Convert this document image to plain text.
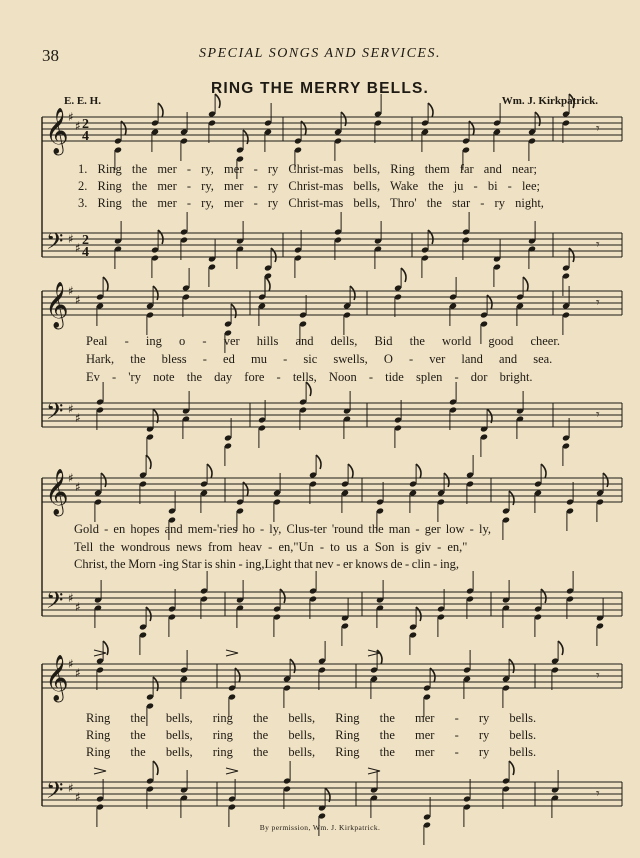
38	SPECIAL SONGS AND SERVICES.
RING THE MERRY BELLS.
E. E. H.	Wm. J. Kirkpatrick.
𝄞
𝄢
♯
♯
♯
♯
2
4
2
4
𝄾
𝄾
𝄞
𝄢
♯
♯
♯
♯
𝄾
𝄾
𝄞
𝄢
♯
♯
♯
♯
𝄞
𝄢
♯
♯
♯
♯
𝄾
𝄾
1. Ring the mer - ry, mer - ry Christ-mas bells, Ring them far and near;
2. Ring the mer - ry, mer - ry Christ-mas bells, Wake the ju - bi - lee;
3. Ring the mer - ry, mer - ry Christ-mas bells, Thro' the star - ry night,
Peal - ing o - ver hills and dells, Bid the world good cheer.
Hark, the bless - ed mu - sic swells, O - ver land and sea.
Ev - 'ry note the day fore - tells, Noon - tide splen - dor bright.
Gold - en hopes and mem-'ries ho - ly, Clus-ter 'round the man - ger low - ly,
Tell the wondrous news from heav - en,"Un - to us a Son is giv - en,"
Christ, the Morn -ing Star is shin - ing,Light that nev - er knows de - clin - ing,
Ring the bells, ring the bells, Ring the mer - ry bells.
Ring the bells, ring the bells, Ring the mer - ry bells.
Ring the bells, ring the bells, Ring the mer - ry bells.
By permission, Wm. J. Kirkpatrick.
